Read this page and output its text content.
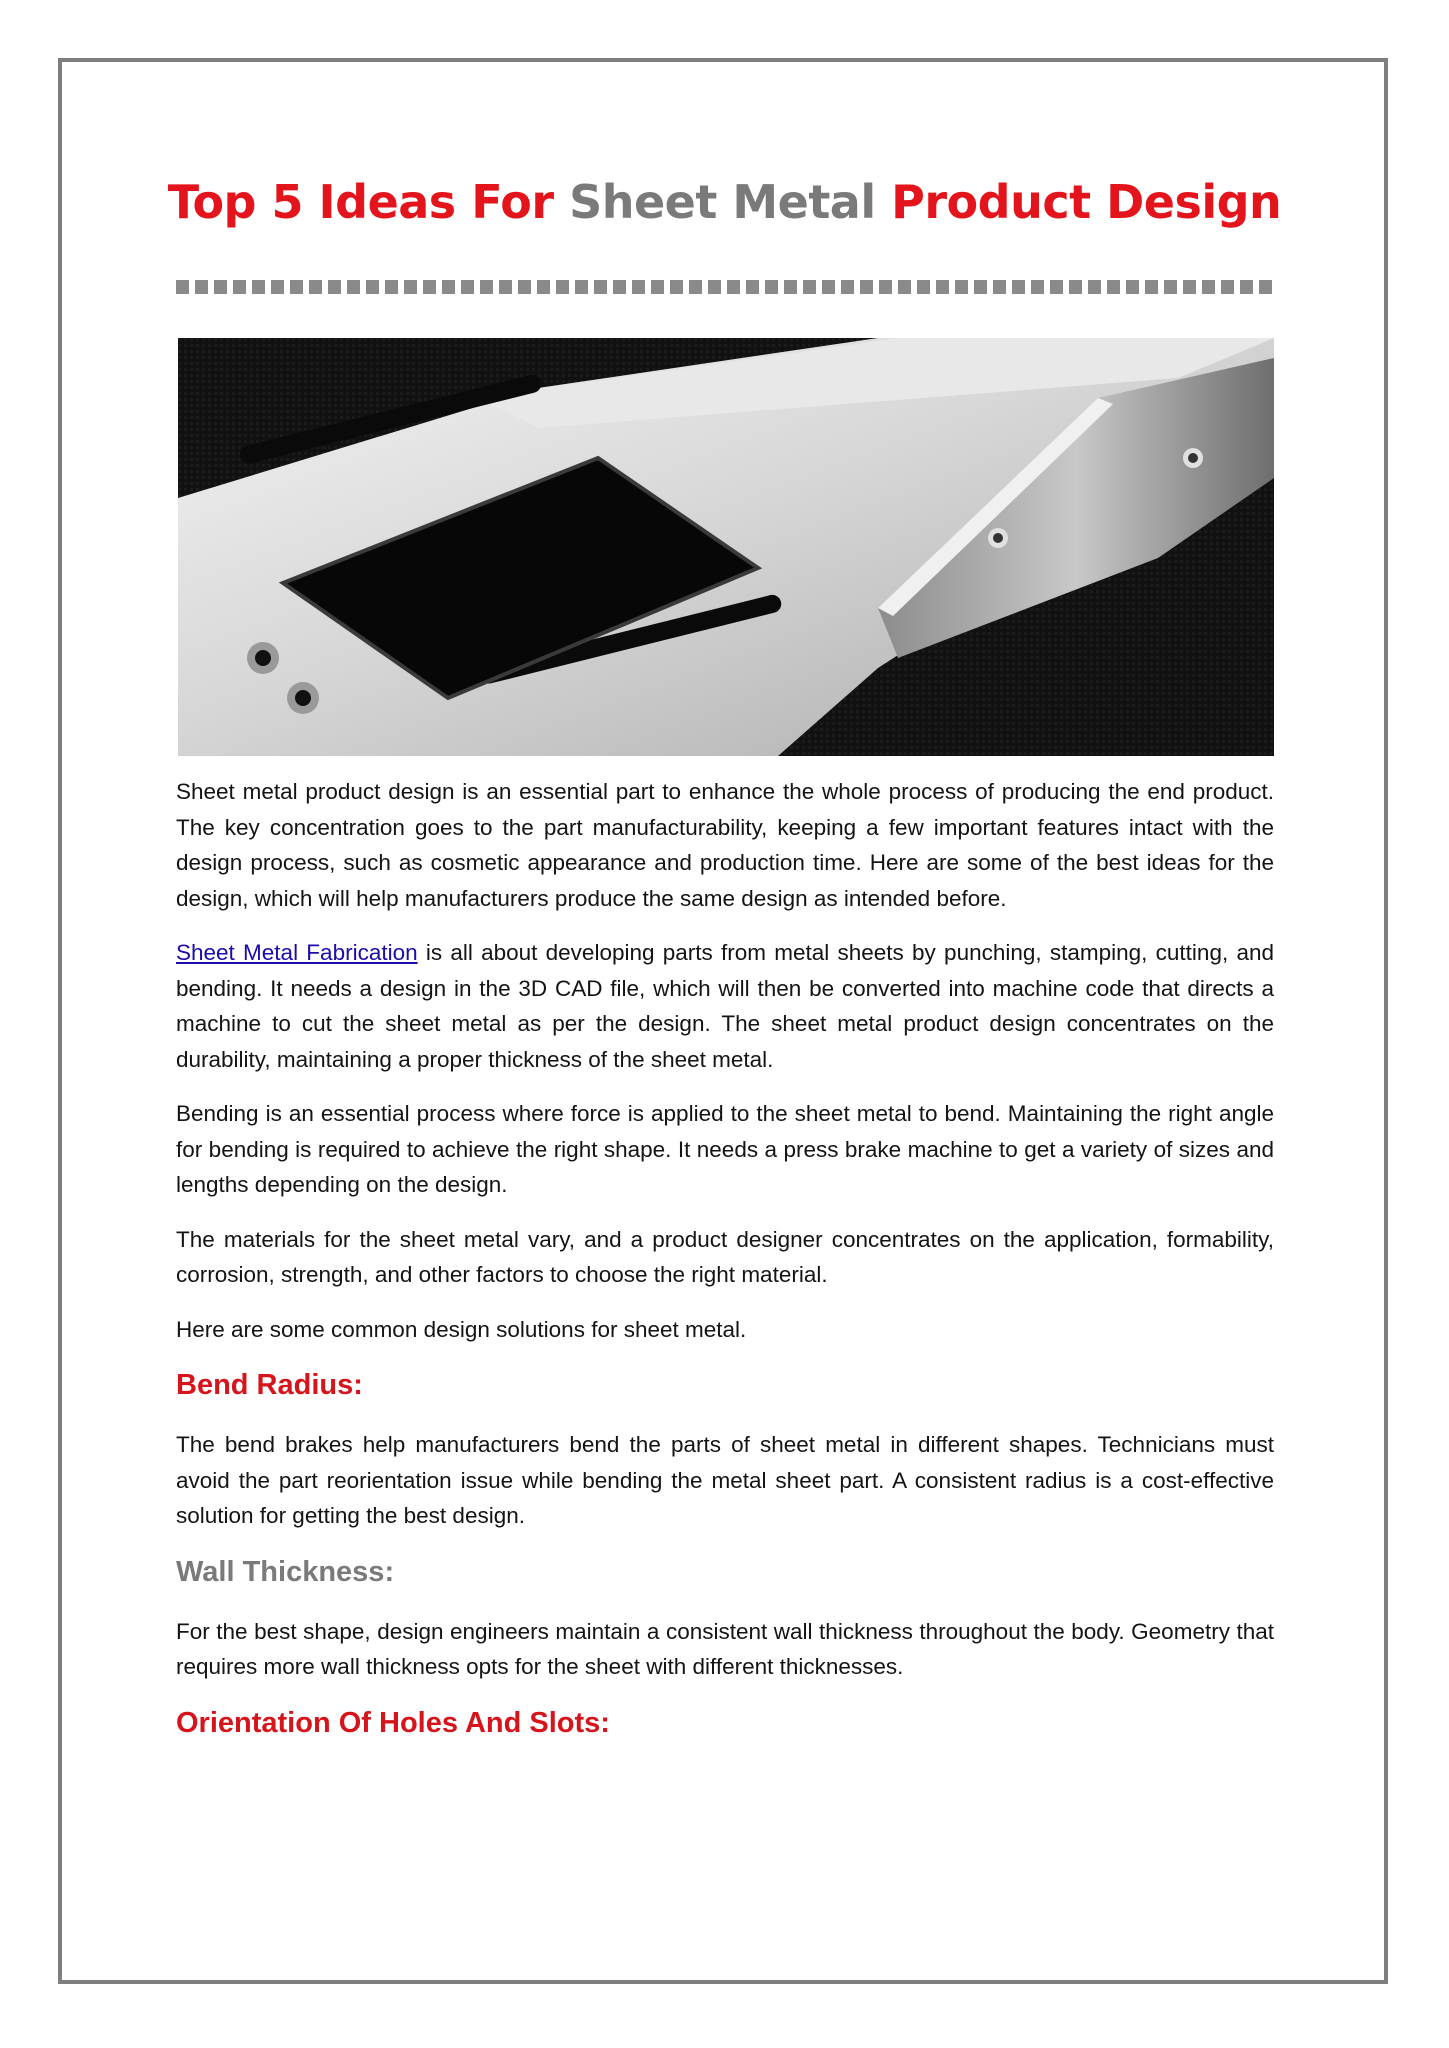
Top 5 Ideas For Sheet Metal Product Design

Sheet metal product design is an essential part to enhance the whole process of producing the end product. The key concentration goes to the part manufacturability, keeping a few important features intact with the design process, such as cosmetic appearance and production time. Here are some of the best ideas for the design, which will help manufacturers produce the same design as intended before.

Sheet Metal Fabrication is all about developing parts from metal sheets by punching, stamping, cutting, and bending. It needs a design in the 3D CAD file, which will then be converted into machine code that directs a machine to cut the sheet metal as per the design. The sheet metal product design concentrates on the durability, maintaining a proper thickness of the sheet metal.

Bending is an essential process where force is applied to the sheet metal to bend. Maintaining the right angle for bending is required to achieve the right shape. It needs a press brake machine to get a variety of sizes and lengths depending on the design.

The materials for the sheet metal vary, and a product designer concentrates on the application, formability, corrosion, strength, and other factors to choose the right material.

Here are some common design solutions for sheet metal.

Bend Radius:

The bend brakes help manufacturers bend the parts of sheet metal in different shapes. Technicians must avoid the part reorientation issue while bending the metal sheet part. A consistent radius is a cost-effective solution for getting the best design.

Wall Thickness:

For the best shape, design engineers maintain a consistent wall thickness throughout the body. Geometry that requires more wall thickness opts for the sheet with different thicknesses.

Orientation Of Holes And Slots:
